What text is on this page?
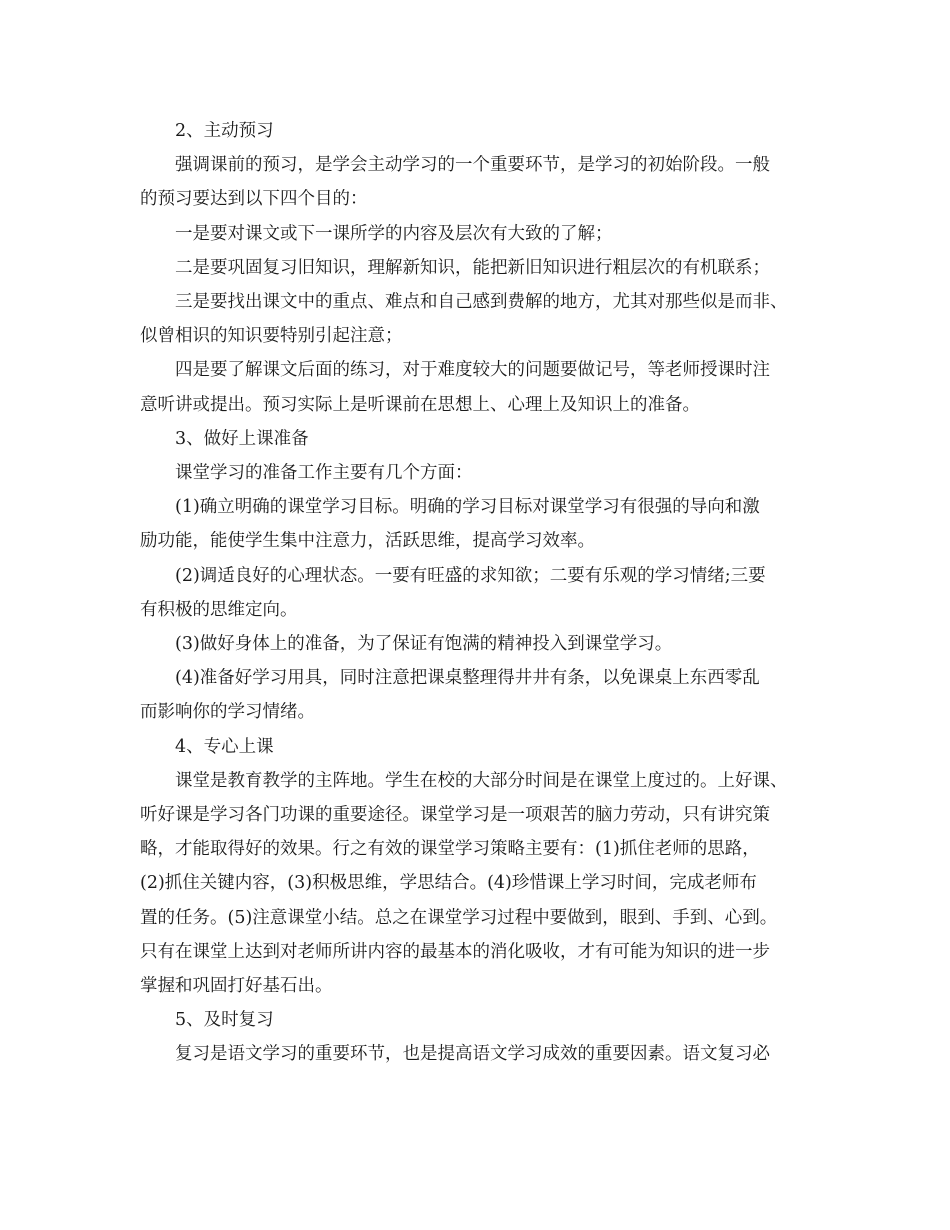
2、主动预习

强调课前的预习，是学会主动学习的一个重要环节，是学习的初始阶段。一般
的预习要达到以下四个目的：

一是要对课文或下一课所学的内容及层次有大致的了解；

二是要巩固复习旧知识，理解新知识，能把新旧知识进行粗层次的有机联系；

三是要找出课文中的重点、难点和自己感到费解的地方，尤其对那些似是而非、
似曾相识的知识要特别引起注意；

四是要了解课文后面的练习，对于难度较大的问题要做记号，等老师授课时注
意听讲或提出。预习实际上是听课前在思想上、心理上及知识上的准备。

3、做好上课准备

课堂学习的准备工作主要有几个方面：

(1)确立明确的课堂学习目标。明确的学习目标对课堂学习有很强的导向和激
励功能，能使学生集中注意力，活跃思维，提高学习效率。

(2)调适良好的心理状态。一要有旺盛的求知欲；二要有乐观的学习情绪;三要
有积极的思维定向。

(3)做好身体上的准备，为了保证有饱满的精神投入到课堂学习。

(4)准备好学习用具，同时注意把课桌整理得井井有条，以免课桌上东西零乱
而影响你的学习情绪。

4、专心上课

课堂是教育教学的主阵地。学生在校的大部分时间是在课堂上度过的。上好课、
听好课是学习各门功课的重要途径。课堂学习是一项艰苦的脑力劳动，只有讲究策
略，才能取得好的效果。行之有效的课堂学习策略主要有：(1)抓住老师的思路，
(2)抓住关键内容，(3)积极思维，学思结合。(4)珍惜课上学习时间，完成老师布
置的任务。(5)注意课堂小结。总之在课堂学习过程中要做到，眼到、手到、心到。
只有在课堂上达到对老师所讲内容的最基本的消化吸收，才有可能为知识的进一步
掌握和巩固打好基石出。

5、及时复习

复习是语文学习的重要环节，也是提高语文学习成效的重要因素。语文复习必
